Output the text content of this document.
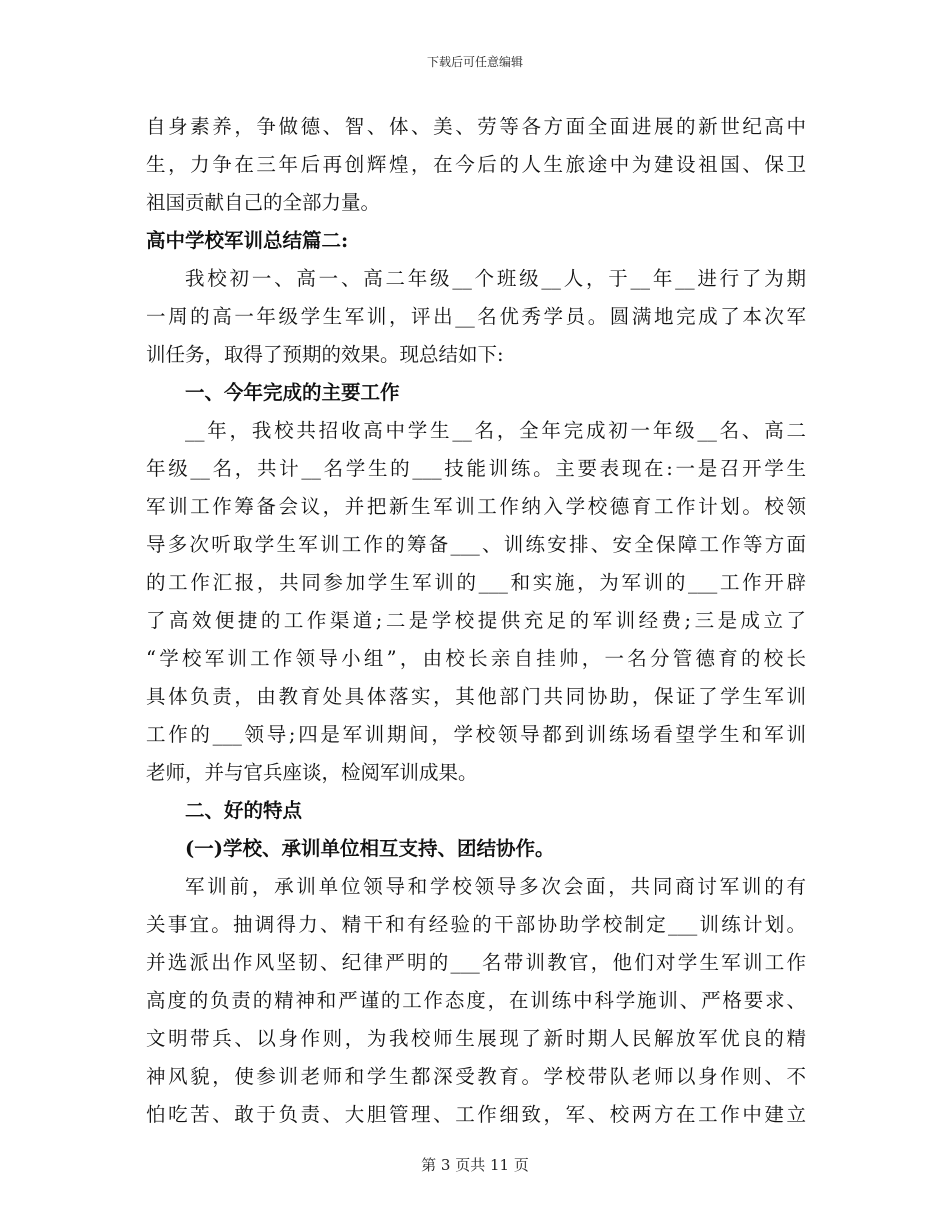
下载后可任意编辑
自身素养，争做德、智、体、美、劳等各方面全面进展的新世纪高中
生，力争在三年后再创辉煌，在今后的人生旅途中为建设祖国、保卫
祖国贡献自己的全部力量。
高中学校军训总结篇二:
我校初一、高一、高二年级__个班级__人，于__年__进行了为期
一周的高一年级学生军训，评出__名优秀学员。圆满地完成了本次军
训任务，取得了预期的效果。现总结如下:
一、今年完成的主要工作
__年，我校共招收高中学生__名，全年完成初一年级__名、高二
年级__名，共计__名学生的___技能训练。主要表现在:一是召开学生
军训工作筹备会议，并把新生军训工作纳入学校德育工作计划。校领
导多次听取学生军训工作的筹备___、训练安排、安全保障工作等方面
的工作汇报，共同参加学生军训的___和实施，为军训的___工作开辟
了高效便捷的工作渠道;二是学校提供充足的军训经费;三是成立了
“学校军训工作领导小组”，由校长亲自挂帅，一名分管德育的校长
具体负责，由教育处具体落实，其他部门共同协助，保证了学生军训
工作的___领导;四是军训期间，学校领导都到训练场看望学生和军训
老师，并与官兵座谈，检阅军训成果。
二、好的特点
(一)学校、承训单位相互支持、团结协作。
军训前，承训单位领导和学校领导多次会面，共同商讨军训的有
关事宜。抽调得力、精干和有经验的干部协助学校制定___训练计划。
并选派出作风坚韧、纪律严明的___名带训教官，他们对学生军训工作
高度的负责的精神和严谨的工作态度，在训练中科学施训、严格要求、
文明带兵、以身作则，为我校师生展现了新时期人民解放军优良的精
神风貌，使参训老师和学生都深受教育。学校带队老师以身作则、不
怕吃苦、敢于负责、大胆管理、工作细致，军、校两方在工作中建立
第 3 页共 11 页
